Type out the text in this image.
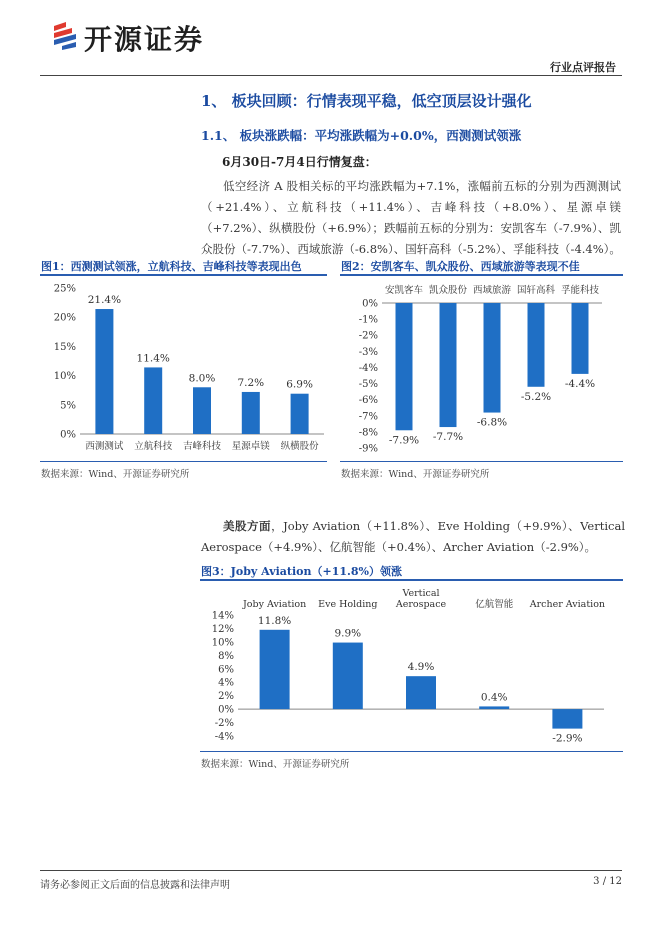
开源证券
行业点评报告
1、 板块回顾：行情表现平稳，低空顶层设计强化
1.1、 板块涨跌幅：平均涨跌幅为+0.0%，西测测试领涨
6月30日-7月4日行情复盘：
低空经济 A 股相关标的平均涨跌幅为+7.1%，涨幅前五标的分别为西测测试（+21.4%）、立航科技（+11.4%）、吉峰科技（+8.0%）、星源卓镁（+7.2%）、纵横股份（+6.9%）；跌幅前五标的分别为：安凯客车（-7.9%）、凯众股份（-7.7%）、西域旅游（-6.8%）、国轩高科（-5.2%）、孚能科技（-4.4%）。
图1：西测测试领涨，立航科技、吉峰科技等表现出色
25%
20%
15%
10%
5%
0%
21.4%
西测测试
11.4%
立航科技
8.0%
吉峰科技
7.2%
星源卓镁
6.9%
纵横股份
数据来源：Wind、开源证券研究所
图2：安凯客车、凯众股份、西域旅游等表现不佳
0%
-1%
-2%
-3%
-4%
-5%
-6%
-7%
-8%
-9%
-7.9%
安凯客车
-7.7%
凯众股份
-6.8%
西域旅游
-5.2%
国轩高科
-4.4%
孚能科技
数据来源：Wind、开源证券研究所
美股方面，Joby Aviation（+11.8%）、Eve Holding（+9.9%）、Vertical Aerospace（+4.9%）、亿航智能（+0.4%）、Archer Aviation（-2.9%）。
图3：Joby Aviation（+11.8%）领涨
14%
12%
10%
8%
6%
4%
2%
0%
-2%
-4%
11.8%
Joby Aviation
9.9%
Eve Holding
4.9%
Vertical
Aerospace
0.4%
亿航智能
-2.9%
Archer Aviation
数据来源：Wind、开源证券研究所
请务必参阅正文后面的信息披露和法律声明	3 / 12
